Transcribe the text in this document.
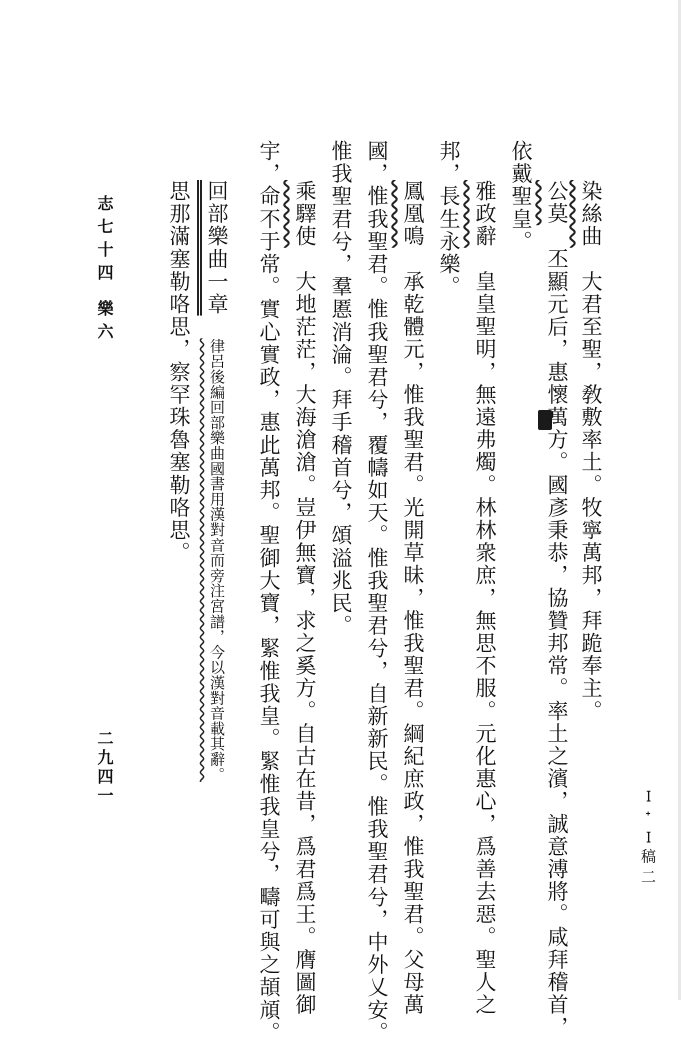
ꟷ ᐩ ꟷ 稿 二

染絲曲　大君至聖，敎敷率土。牧寧萬邦，拜跪奉主。

公莫　丕顯元后，惠懷萬方。國彥秉恭，協贊邦常。率土之濱，誠意溥將。咸拜稽首，

依戴聖皇。

雅政辭　皇皇聖明，無遠弗燭。林林衆庶，無思不服。元化惠心，爲善去惡。聖人之

邦，長生永樂。

鳳凰鳴　承乾體元，惟我聖君。光開草昧，惟我聖君。綱紀庶政，惟我聖君。父母萬

國，惟我聖君。惟我聖君兮，覆幬如天。惟我聖君兮，自新新民。惟我聖君兮，中外乂安。

惟我聖君兮，羣慝消淪。拜手稽首兮，頌溢兆民。

乘驛使　大地茫茫，大海滄滄。豈伊無寶，求之奚方。自古在昔，爲君爲王。膺圖御

宇，命不于常。實心實政，惠此萬邦。聖御大寶，緊惟我皇。緊惟我皇兮，疇可與之頡頏。

回部樂曲一章　律呂後編回部樂曲國書用漢對音而旁注宮譜，今以漢對音載其辭。

思那滿塞勒咯思，察罕珠魯塞勒咯思。

志七十四

樂六

二九四一
